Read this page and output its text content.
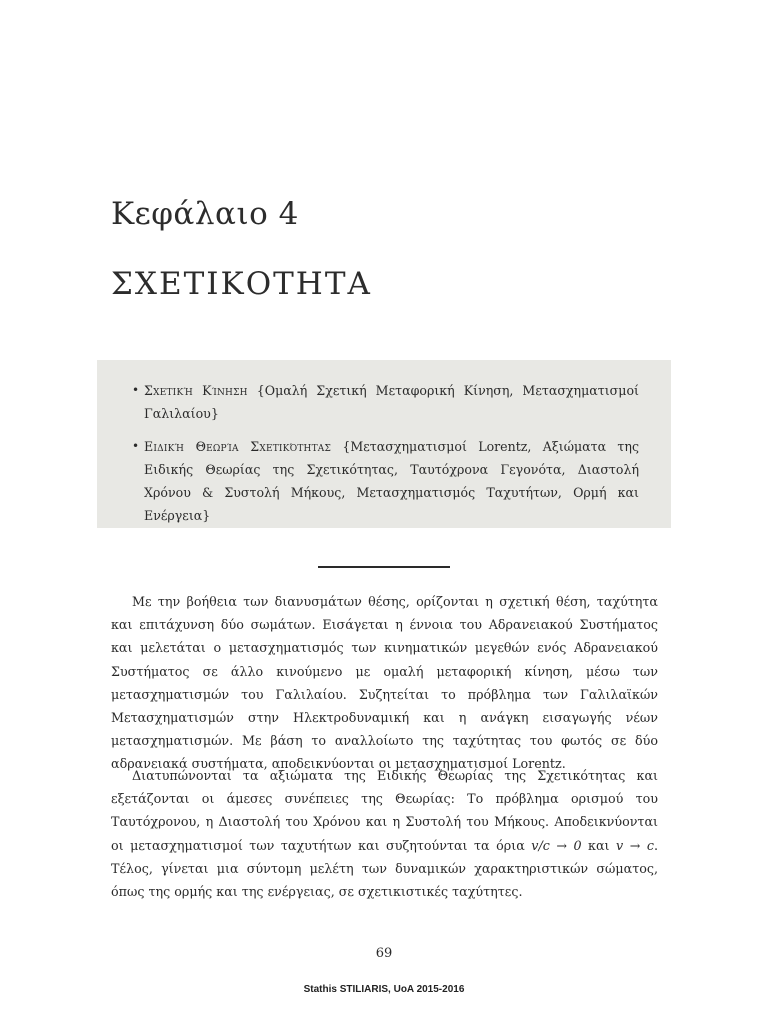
Κεφάλαιο 4
ΣΧΕΤΙΚΟΤΗΤΑ
• Σχετική Κίνηση {Ομαλή Σχετική Μεταφορική Κίνηση, Μετασχηματισμοί Γαλιλαίου}
• Ειδική Θεωρία Σχετικότητας {Μετασχηματισμοί Lorentz, Αξιώματα της Ειδικής Θεωρίας της Σχετικότητας, Ταυτόχρονα Γεγονότα, Διαστολή Χρόνου & Συστολή Μήκους, Μετασχηματισμός Ταχυτήτων, Ορμή και Ενέργεια}

Με την βοήθεια των διανυσμάτων θέσης, ορίζονται η σχετική θέση, ταχύτητα και επιτάχυνση δύο σωμάτων. Εισάγεται η έννοια του Αδρανειακού Συστήματος και μελετάται ο μετασχηματισμός των κινηματικών μεγεθών ενός Αδρανειακού Συστήματος σε άλλο κινούμενο με ομαλή μεταφορική κίνηση, μέσω των μετασχηματισμών του Γαλιλαίου. Συζητείται το πρόβλημα των Γαλιλαϊκών Μετασχηματισμών στην Ηλεκτροδυναμική και η ανάγκη εισαγωγής νέων μετασχηματισμών. Με βάση το αναλλοίωτο της ταχύτητας του φωτός σε δύο αδρανειακά συστήματα, αποδεικνύονται οι μετασχηματισμοί Lorentz.

Διατυπώνονται τα αξιώματα της Ειδικής Θεωρίας της Σχετικότητας και εξετάζονται οι άμεσες συνέπειες της Θεωρίας: Το πρόβλημα ορισμού του Ταυτόχρονου, η Διαστολή του Χρόνου και η Συστολή του Μήκους. Αποδεικνύονται οι μετασχηματισμοί των ταχυτήτων και συζητούνται τα όρια v/c → 0 και v → c. Τέλος, γίνεται μια σύντομη μελέτη των δυναμικών χαρακτηριστικών σώματος, όπως της ορμής και της ενέργειας, σε σχετικιστικές ταχύτητες.

69
Stathis STILIARIS, UoA 2015-2016
